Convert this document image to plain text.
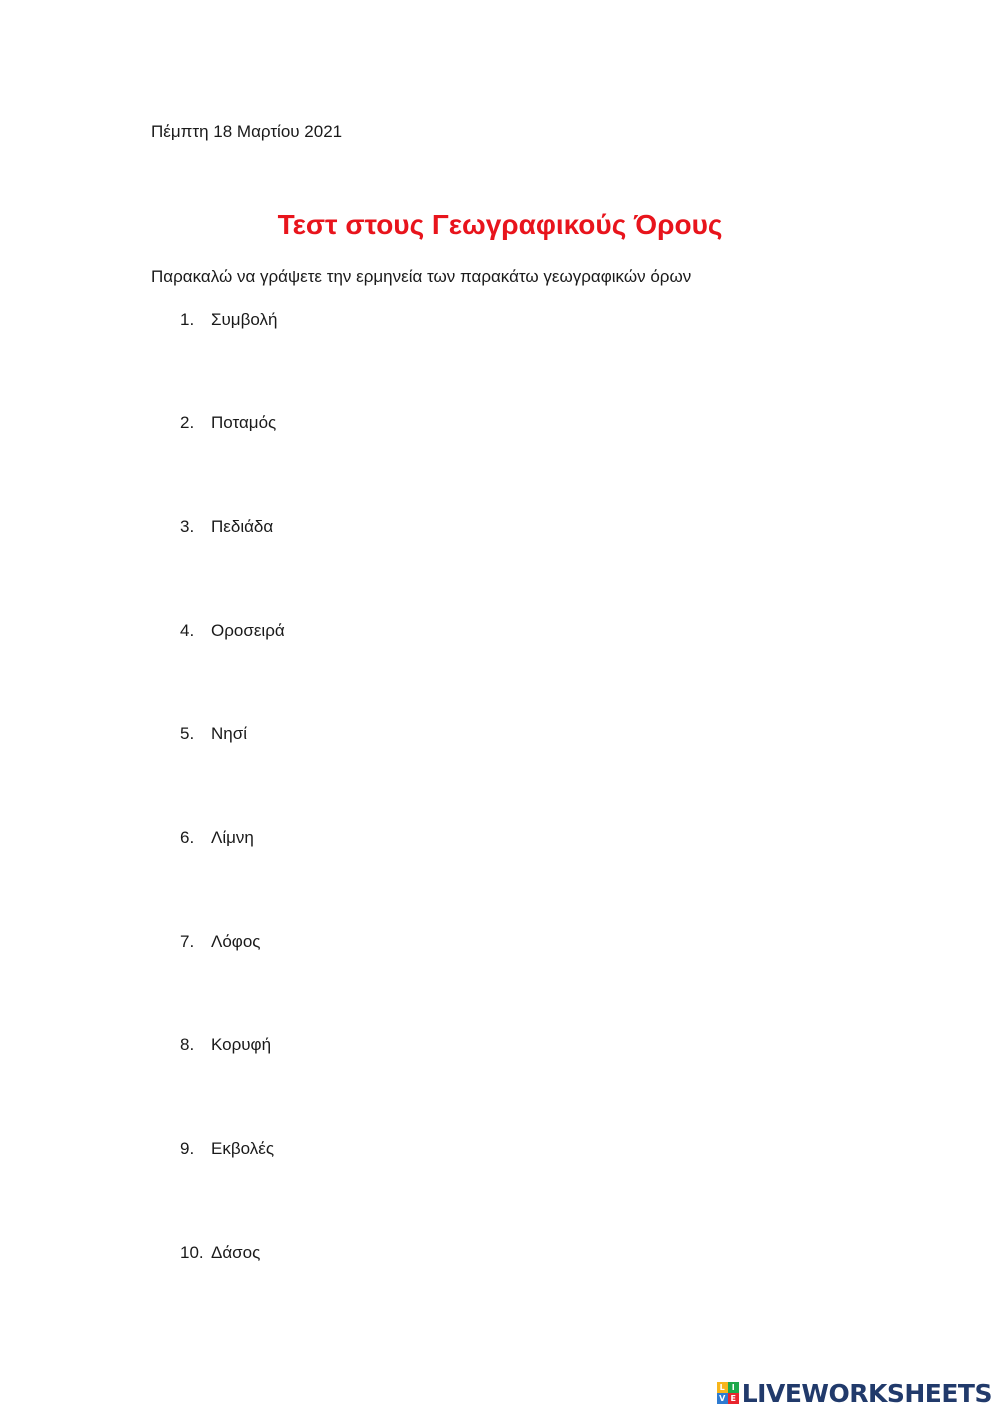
Πέμπτη 18 Μαρτίου 2021
Τεστ στους Γεωγραφικούς Όρους
Παρακαλώ να γράψετε την ερμηνεία των παρακάτω γεωγραφικών όρων
1. Συμβολή
2. Ποταμός
3. Πεδιάδα
4. Οροσειρά
5. Νησί
6. Λίμνη
7. Λόφος
8. Κορυφή
9. Εκβολές
10. Δάσος
L I
V E LIVEWORKSHEETS
